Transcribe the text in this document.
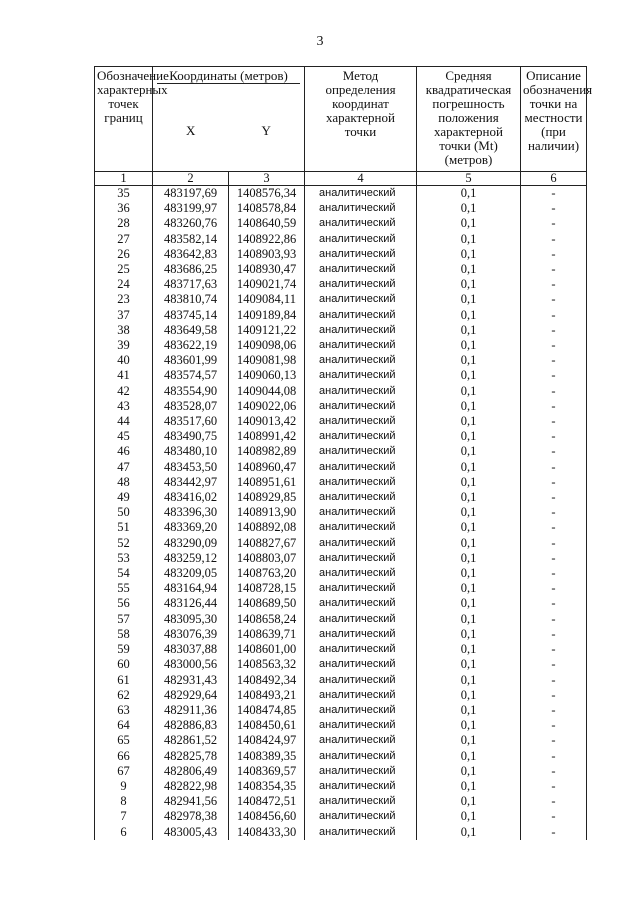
3
Обозначение характерных точек границ	Координаты (метров)		Метод определения координат характерной точки	Средняя квадратическая погрешность положения характерной точки (Mt) (метров)	Описание обозначения точки на местности (при наличии)
	X	Y			
1	2	3	4	5	6
35	483197,69	1408576,34	аналитический	0,1	-
36	483199,97	1408578,84	аналитический	0,1	-
28	483260,76	1408640,59	аналитический	0,1	-
27	483582,14	1408922,86	аналитический	0,1	-
26	483642,83	1408903,93	аналитический	0,1	-
25	483686,25	1408930,47	аналитический	0,1	-
24	483717,63	1409021,74	аналитический	0,1	-
23	483810,74	1409084,11	аналитический	0,1	-
37	483745,14	1409189,84	аналитический	0,1	-
38	483649,58	1409121,22	аналитический	0,1	-
39	483622,19	1409098,06	аналитический	0,1	-
40	483601,99	1409081,98	аналитический	0,1	-
41	483574,57	1409060,13	аналитический	0,1	-
42	483554,90	1409044,08	аналитический	0,1	-
43	483528,07	1409022,06	аналитический	0,1	-
44	483517,60	1409013,42	аналитический	0,1	-
45	483490,75	1408991,42	аналитический	0,1	-
46	483480,10	1408982,89	аналитический	0,1	-
47	483453,50	1408960,47	аналитический	0,1	-
48	483442,97	1408951,61	аналитический	0,1	-
49	483416,02	1408929,85	аналитический	0,1	-
50	483396,30	1408913,90	аналитический	0,1	-
51	483369,20	1408892,08	аналитический	0,1	-
52	483290,09	1408827,67	аналитический	0,1	-
53	483259,12	1408803,07	аналитический	0,1	-
54	483209,05	1408763,20	аналитический	0,1	-
55	483164,94	1408728,15	аналитический	0,1	-
56	483126,44	1408689,50	аналитический	0,1	-
57	483095,30	1408658,24	аналитический	0,1	-
58	483076,39	1408639,71	аналитический	0,1	-
59	483037,88	1408601,00	аналитический	0,1	-
60	483000,56	1408563,32	аналитический	0,1	-
61	482931,43	1408492,34	аналитический	0,1	-
62	482929,64	1408493,21	аналитический	0,1	-
63	482911,36	1408474,85	аналитический	0,1	-
64	482886,83	1408450,61	аналитический	0,1	-
65	482861,52	1408424,97	аналитический	0,1	-
66	482825,78	1408389,35	аналитический	0,1	-
67	482806,49	1408369,57	аналитический	0,1	-
9	482822,98	1408354,35	аналитический	0,1	-
8	482941,56	1408472,51	аналитический	0,1	-
7	482978,38	1408456,60	аналитический	0,1	-
6	483005,43	1408433,30	аналитический	0,1	-
